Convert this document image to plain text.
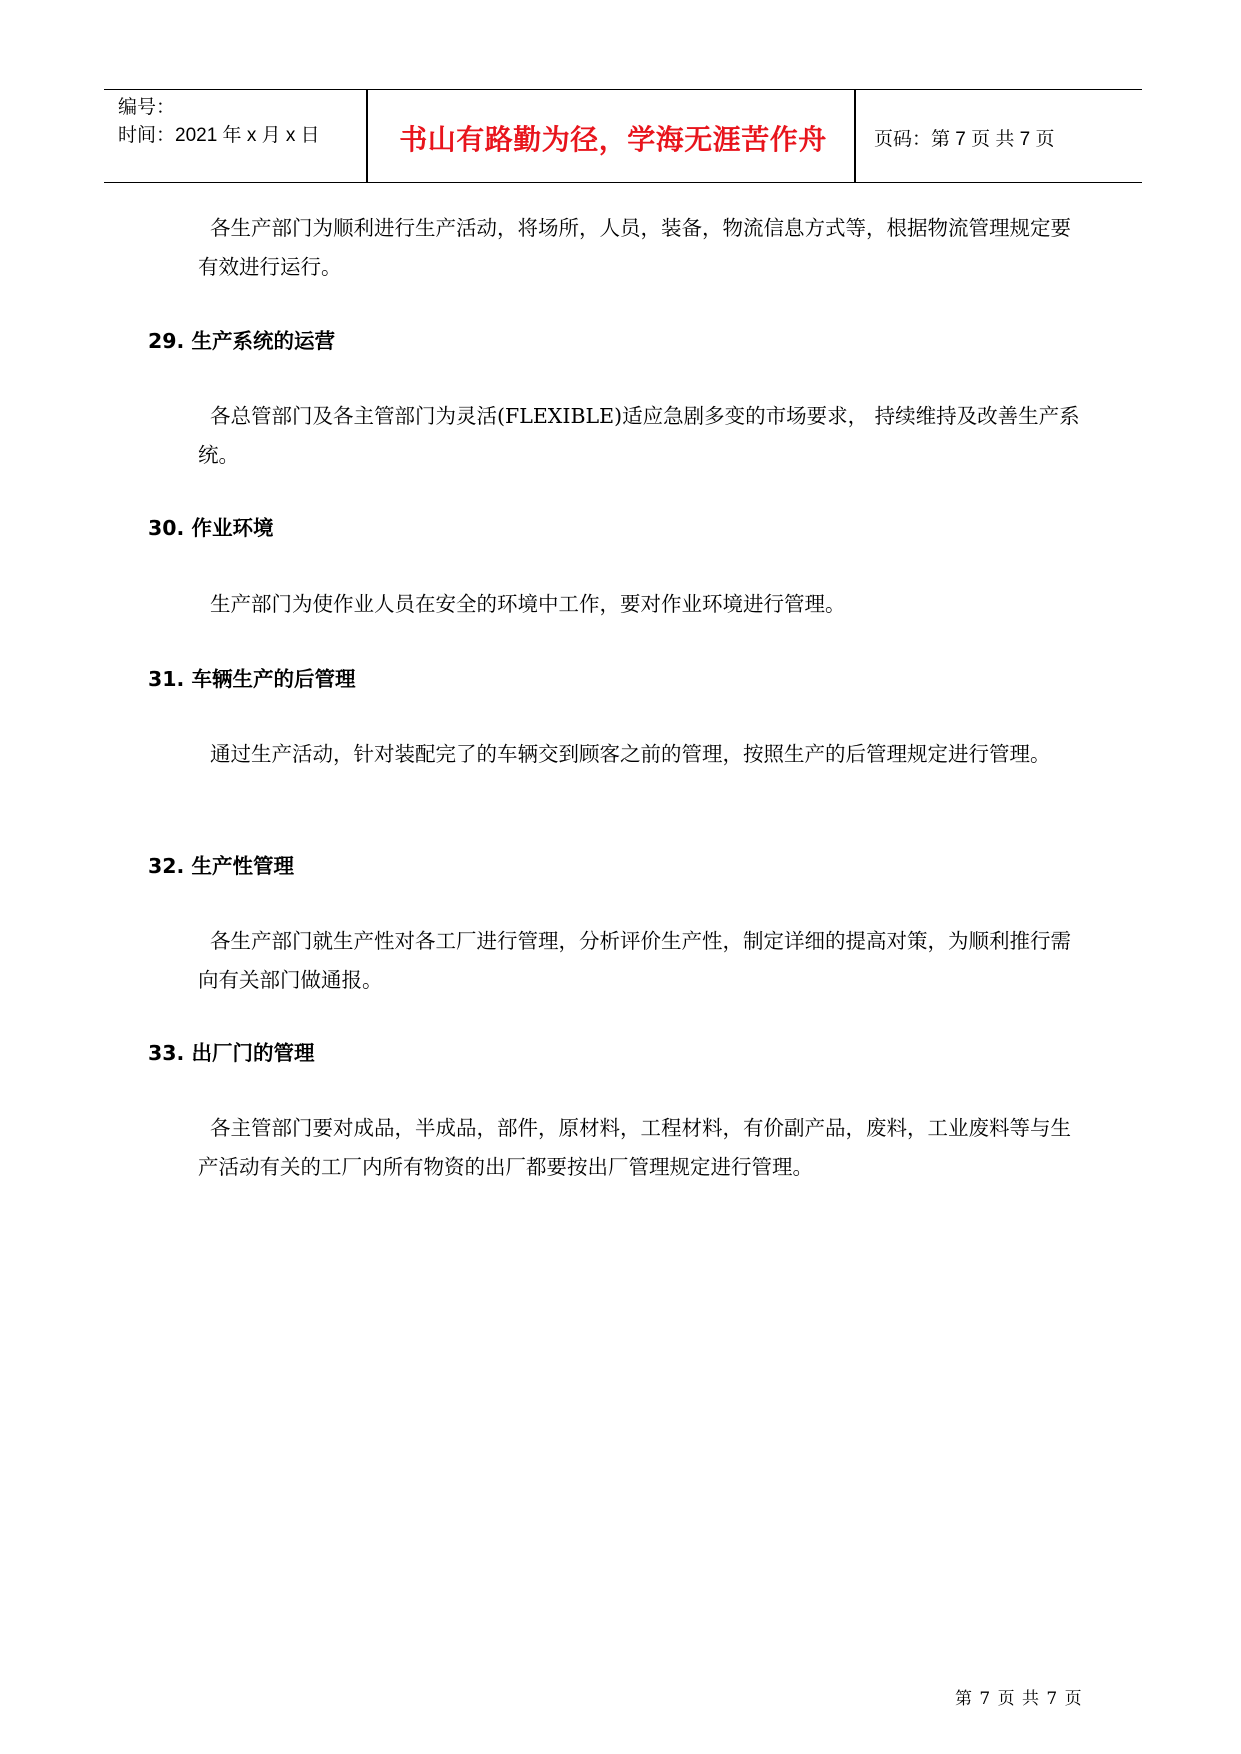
编号：
时间：2021 年 x 月 x 日	书山有路勤为径，学海无涯苦作舟	页码：第 7 页 共 7 页
各生产部门为顺利进行生产活动，将场所，人员，装备，物流信息方式等，根据物流管理规定要有效进行运行。
29. 生产系统的运营
各总管部门及各主管部门为灵活(FLEXIBLE)适应急剧多变的市场要求， 持续维持及改善生产系统。
30. 作业环境
生产部门为使作业人员在安全的环境中工作，要对作业环境进行管理。
31. 车辆生产的后管理
通过生产活动，针对装配完了的车辆交到顾客之前的管理，按照生产的后管理规定进行管理。
32. 生产性管理
各生产部门就生产性对各工厂进行管理，分析评价生产性，制定详细的提高对策，为顺利推行需向有关部门做通报。
33. 出厂门的管理
各主管部门要对成品，半成品，部件，原材料，工程材料，有价副产品，废料，工业废料等与生产活动有关的工厂内所有物资的出厂都要按出厂管理规定进行管理。
第 7 页 共 7 页
